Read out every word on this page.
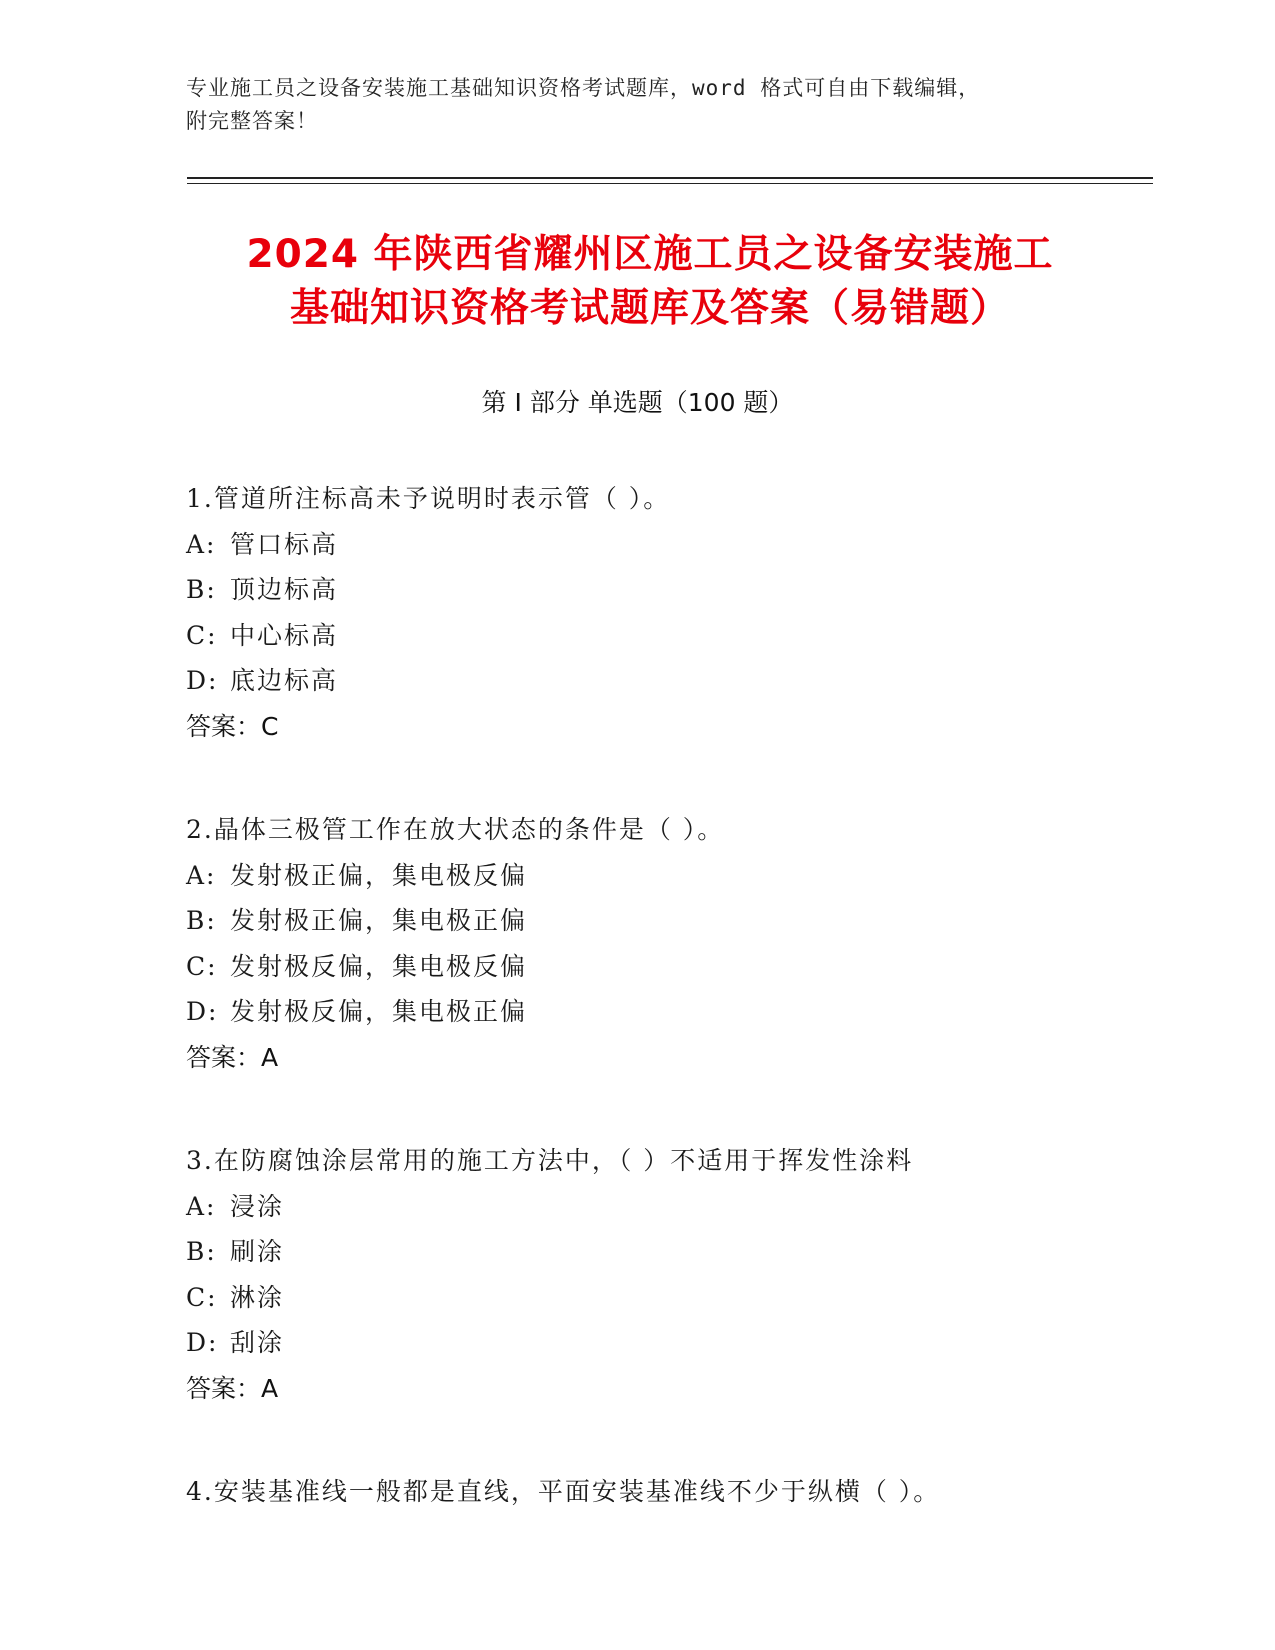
专业施工员之设备安装施工基础知识资格考试题库，word 格式可自由下载编辑，
附完整答案！
2024 年陕西省耀州区施工员之设备安装施工
基础知识资格考试题库及答案（易错题）
第 I 部分 单选题（100 题）
1.管道所注标高未予说明时表示管（ ）。
A: 管口标高
B: 顶边标高
C: 中心标高
D: 底边标高
答案：C
2.晶体三极管工作在放大状态的条件是（ ）。
A: 发射极正偏，集电极反偏
B: 发射极正偏，集电极正偏
C: 发射极反偏，集电极反偏
D: 发射极反偏，集电极正偏
答案：A
3.在防腐蚀涂层常用的施工方法中，（ ）不适用于挥发性涂料
A: 浸涂
B: 刷涂
C: 淋涂
D: 刮涂
答案：A
4.安装基准线一般都是直线，平面安装基准线不少于纵横（ ）。
